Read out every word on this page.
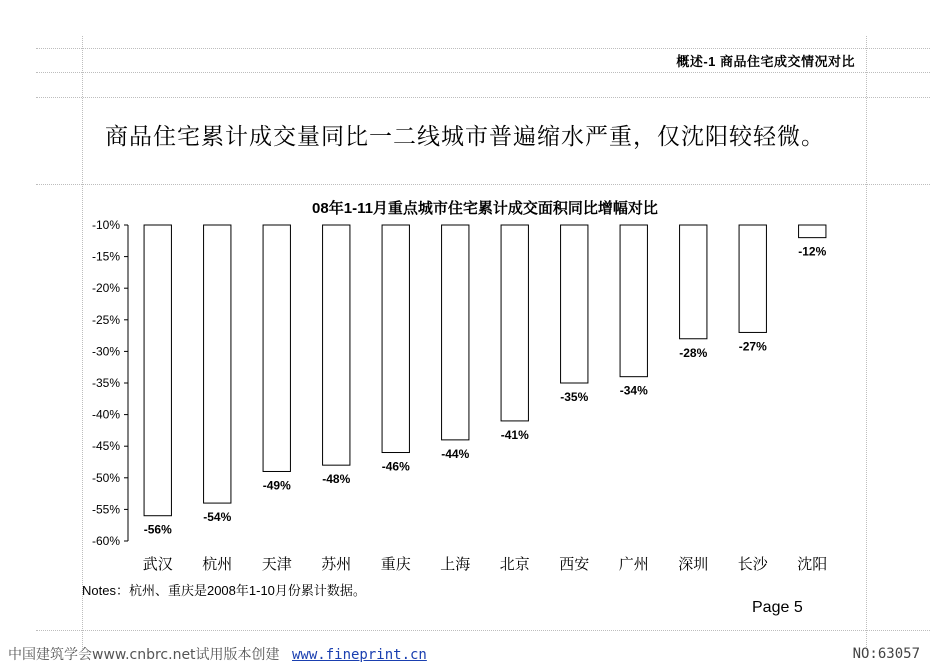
概述-1 商品住宅成交情况对比
商品住宅累计成交量同比一二线城市普遍缩水严重，仅沈阳较轻微。
08年1-11月重点城市住宅累计成交面积同比增幅对比
-10%
-15%
-20%
-25%
-30%
-35%
-40%
-45%
-50%
-55%
-60%
-56%
武汉
-54%
杭州
-49%
天津
-48%
苏州
-46%
重庆
-44%
上海
-41%
北京
-35%
西安
-34%
广州
-28%
深圳
-27%
长沙
-12%
沈阳
Notes：杭州、重庆是2008年1-10月份累计数据。
Page 5
中国建筑学会www.cnbrc.net试用版本创建 www.fineprint.cn	NO:63057
